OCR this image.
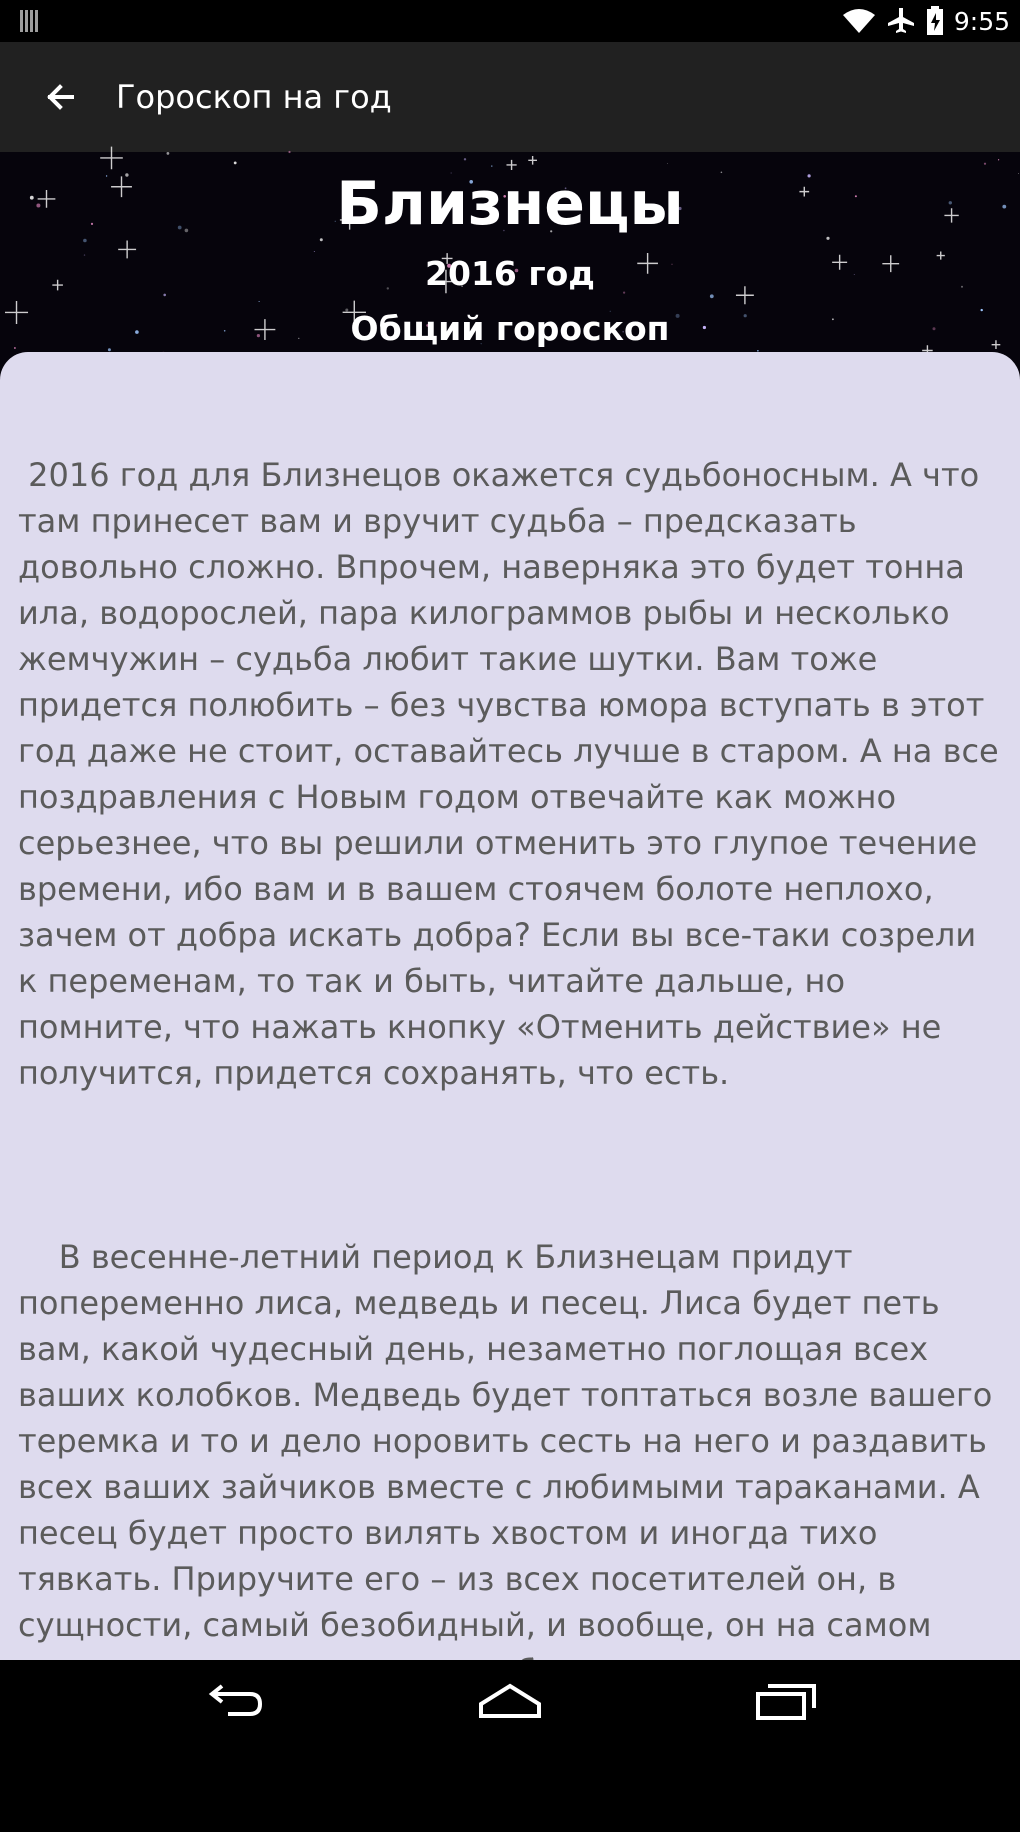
9:55
Гороскоп на год
Близнецы
2016 год
Общий гороскоп

2016 год для Близнецов окажется судьбоносным. А что там принесет вам и вручит судьба – предсказать довольно сложно. Впрочем, наверняка это будет тонна ила, водорослей, пара килограммов рыбы и несколько жемчужин – судьба любит такие шутки. Вам тоже придется полюбить – без чувства юмора вступать в этот год даже не стоит, оставайтесь лучше в старом. А на все поздравления с Новым годом отвечайте как можно серьезнее, что вы решили отменить это глупое течение времени, ибо вам и в вашем стоячем болоте неплохо, зачем от добра искать добра? Если вы все-таки созрели к переменам, то так и быть, читайте дальше, но помните, что нажать кнопку «Отменить действие» не получится, придется сохранять, что есть.

В весенне-летний период к Близнецам придут попеременно лиса, медведь и песец. Лиса будет петь вам, какой чудесный день, незаметно поглощая всех ваших колобков. Медведь будет топтаться возле вашего теремка и то и дело норовить сесть на него и раздавить всех ваших зайчиков вместе с любимыми тараканами. А песец будет просто вилять хвостом и иногда тихо тявкать. Приручите его – из всех посетителей он, в сущности, самый безобидный, и вообще, он на самом
